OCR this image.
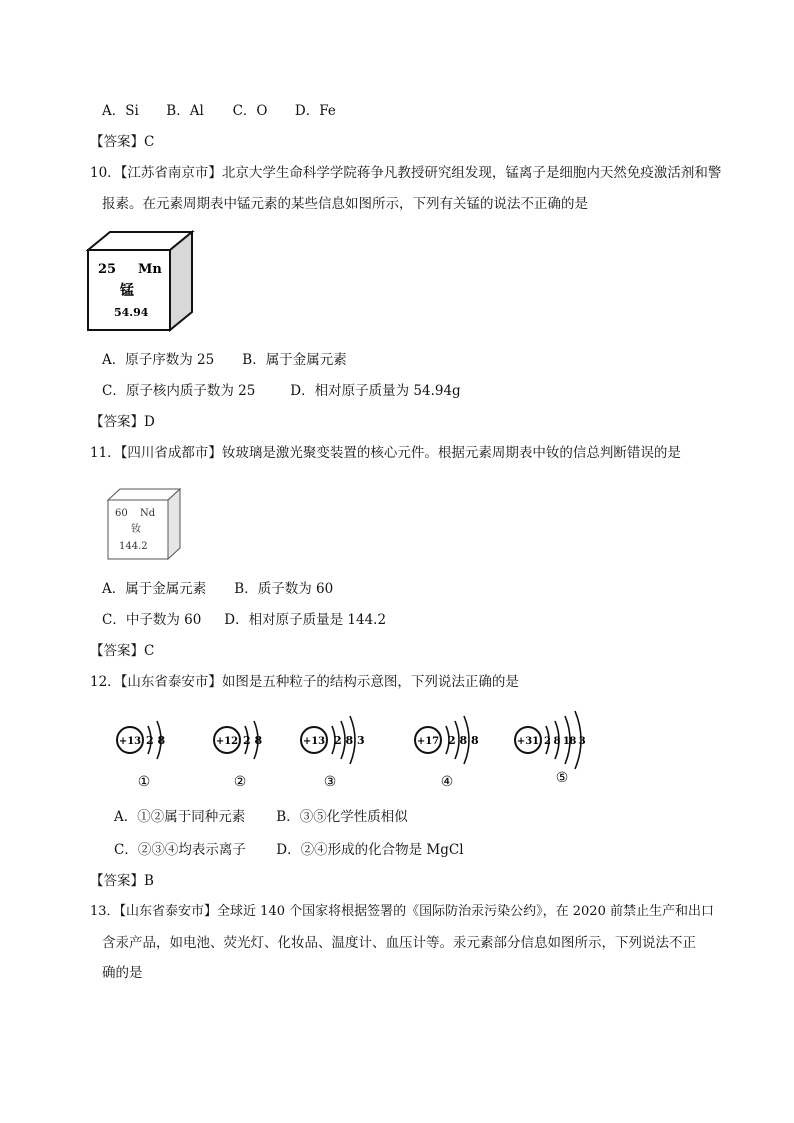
A．Si B．Al C．O D．Fe
【答案】C
10．【江苏省南京市】北京大学生命科学学院蒋争凡教授研究组发现，锰离子是细胞内天然免疫激活剂和警
报素。在元素周期表中锰元素的某些信息如图所示，下列有关锰的说法不正确的是
25 Mn
锰
54.94
A．原子序数为 25 B．属于金属元素
C．原子核内质子数为 25	D．相对原子质量为 54.94g
【答案】D
11．【四川省成都市】钕玻璃是激光聚变装置的核心元件。根据元素周期表中钕的信总判断错误的是
60 Nd
钕
144.2
A．属于金属元素 B．质子数为 60
C．中子数为 60 D．相对原子质量是 144.2
【答案】C
12．【山东省泰安市】如图是五种粒子的结构示意图，下列说法正确的是
+13 2 8
①
+12 2 8
②
+13 2 8 3
③
+17 2 8 8
④
+31 2 8 18 3
⑤
A．①②属于同种元素 B．③⑤化学性质相似
C．②③④均表示离子 D．②④形成的化合物是 MgCl
【答案】B
13．【山东省泰安市】全球近 140 个国家将根据签署的《国际防治汞污染公约》，在 2020 前禁止生产和出口
含汞产品，如电池、荧光灯、化妆品、温度计、血压计等。汞元素部分信息如图所示，下列说法不正
确的是
